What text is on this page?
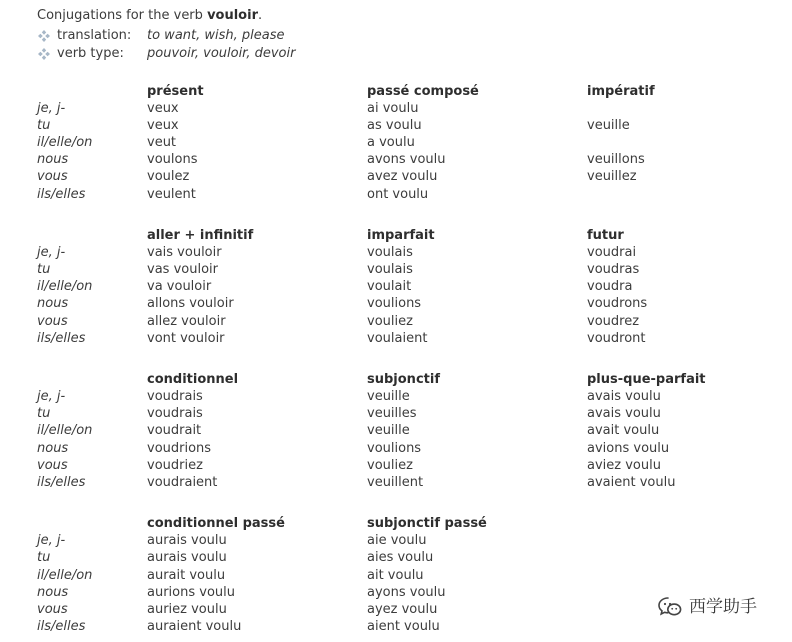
Conjugations for the verb vouloir.
translation:	to want, wish, please
verb type:	pouvoir, vouloir, devoir
présent	passé composé	impératif
je, j-	veux	ai voulu
tu	veux	as voulu	veuille
il/elle/on	veut	a voulu
nous	voulons	avons voulu	veuillons
vous	voulez	avez voulu	veuillez
ils/elles	veulent	ont voulu
aller + infinitif	imparfait	futur
je, j-	vais vouloir	voulais	voudrai
tu	vas vouloir	voulais	voudras
il/elle/on	va vouloir	voulait	voudra
nous	allons vouloir	voulions	voudrons
vous	allez vouloir	vouliez	voudrez
ils/elles	vont vouloir	voulaient	voudront
conditionnel	subjonctif	plus-que-parfait
je, j-	voudrais	veuille	avais voulu
tu	voudrais	veuilles	avais voulu
il/elle/on	voudrait	veuille	avait voulu
nous	voudrions	voulions	avions voulu
vous	voudriez	vouliez	aviez voulu
ils/elles	voudraient	veuillent	avaient voulu
conditionnel passé	subjonctif passé
je, j-	aurais voulu	aie voulu
tu	aurais voulu	aies voulu
il/elle/on	aurait voulu	ait voulu
nous	aurions voulu	ayons voulu
vous	auriez voulu	ayez voulu
ils/elles	auraient voulu	aient voulu
西学助手
